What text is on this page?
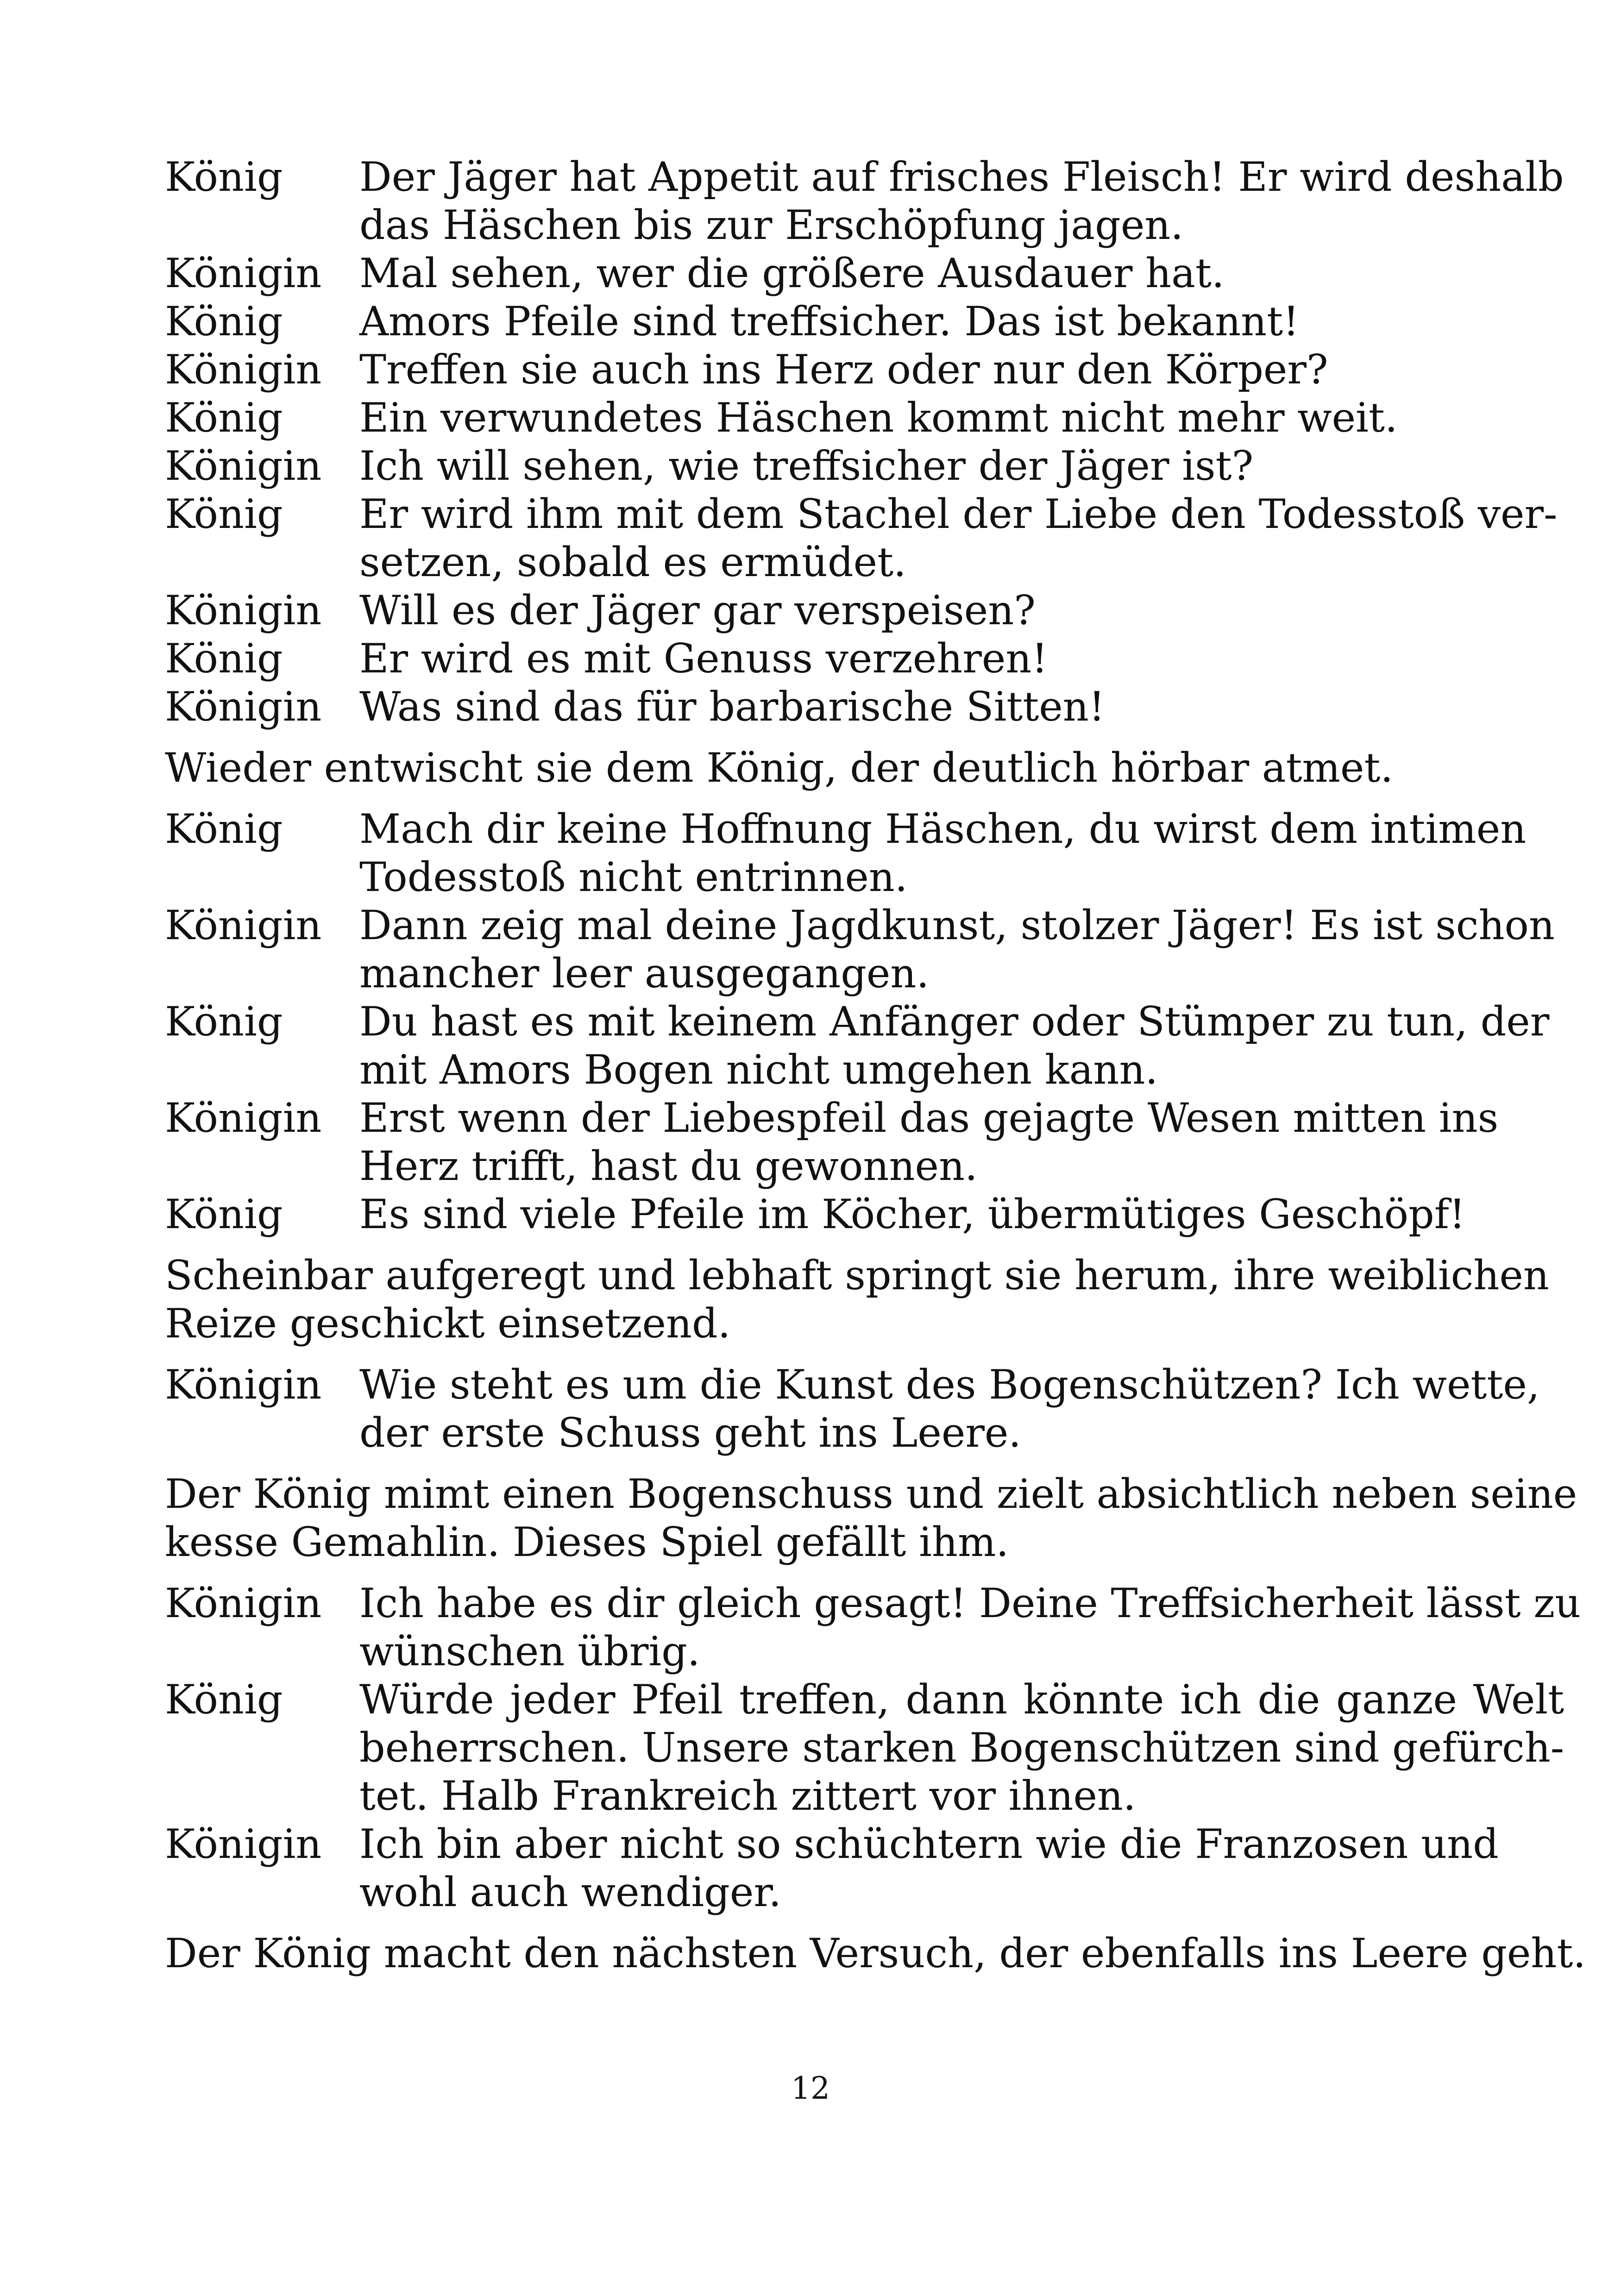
König	Der Jäger hat Appetit auf frisches Fleisch! Er wird deshalb
das Häschen bis zur Erschöpfung jagen.
Königin Mal sehen, wer die größere Ausdauer hat.
König	Amors Pfeile sind treffsicher. Das ist bekannt!
Königin Treffen sie auch ins Herz oder nur den Körper?
König	Ein verwundetes Häschen kommt nicht mehr weit.
Königin Ich will sehen, wie treffsicher der Jäger ist?
König	Er wird ihm mit dem Stachel der Liebe den Todesstoß ver-
setzen, sobald es ermüdet.
Königin Will es der Jäger gar verspeisen?
König	Er wird es mit Genuss verzehren!
Königin Was sind das für barbarische Sitten!
Wieder entwischt sie dem König, der deutlich hörbar atmet.
König	Mach dir keine Hoffnung Häschen, du wirst dem intimen
Todesstoß nicht entrinnen.
Königin Dann zeig mal deine Jagdkunst, stolzer Jäger! Es ist schon
mancher leer ausgegangen.
König	Du hast es mit keinem Anfänger oder Stümper zu tun, der
mit Amors Bogen nicht umgehen kann.
Königin Erst wenn der Liebespfeil das gejagte Wesen mitten ins
Herz trifft, hast du gewonnen.
König	Es sind viele Pfeile im Köcher, übermütiges Geschöpf!
Scheinbar aufgeregt und lebhaft springt sie herum, ihre weiblichen
Reize geschickt einsetzend.
Königin Wie steht es um die Kunst des Bogenschützen? Ich wette,
der erste Schuss geht ins Leere.
Der König mimt einen Bogenschuss und zielt absichtlich neben seine
kesse Gemahlin. Dieses Spiel gefällt ihm.
Königin Ich habe es dir gleich gesagt! Deine Treffsicherheit lässt zu
wünschen übrig.
König	Würde jeder Pfeil treffen, dann könnte ich die ganze Welt
beherrschen. Unsere starken Bogenschützen sind gefürch-
tet. Halb Frankreich zittert vor ihnen.
Königin Ich bin aber nicht so schüchtern wie die Franzosen und
wohl auch wendiger.
Der König macht den nächsten Versuch, der ebenfalls ins Leere geht.
12
